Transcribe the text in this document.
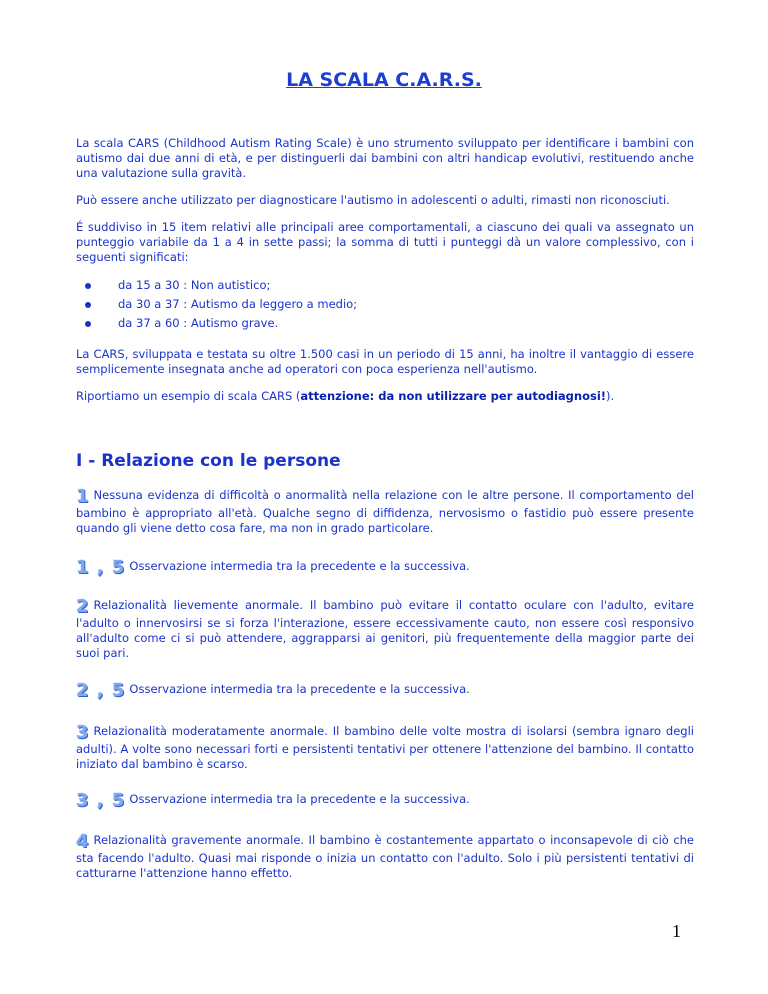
LA SCALA C.A.R.S.

La scala CARS (Childhood Autism Rating Scale) è uno strumento sviluppato per identificare i bambini con autismo dai due anni di età, e per distinguerli dai bambini con altri handicap evolutivi, restituendo anche una valutazione sulla gravità.

Può essere anche utilizzato per diagnosticare l'autismo in adolescenti o adulti, rimasti non riconosciuti.

É suddiviso in 15 item relativi alle principali aree comportamentali, a ciascuno dei quali va assegnato un punteggio variabile da 1 a 4 in sette passi; la somma di tutti i punteggi dà un valore complessivo, con i seguenti significati:

da 15 a 30 : Non autistico;
da 30 a 37 : Autismo da leggero a medio;
da 37 a 60 : Autismo grave.

La CARS, sviluppata e testata su oltre 1.500 casi in un periodo di 15 anni, ha inoltre il vantaggio di essere semplicemente insegnata anche ad operatori con poca esperienza nell'autismo.

Riportiamo un esempio di scala CARS (attenzione: da non utilizzare per autodiagnosi!).

I - Relazione con le persone

1 Nessuna evidenza di difficoltà o anormalità nella relazione con le altre persone. Il comportamento del bambino è appropriato all'età. Qualche segno di diffidenza, nervosismo o fastidio può essere presente quando gli viene detto cosa fare, ma non in grado particolare.

1 , 5 Osservazione intermedia tra la precedente e la successiva.

2 Relazionalità lievemente anormale. Il bambino può evitare il contatto oculare con l'adulto, evitare l'adulto o innervosirsi se si forza l'interazione, essere eccessivamente cauto, non essere così responsivo all'adulto come ci si può attendere, aggrapparsi ai genitori, più frequentemente della maggior parte dei suoi pari.

2 , 5 Osservazione intermedia tra la precedente e la successiva.

3 Relazionalità moderatamente anormale. Il bambino delle volte mostra di isolarsi (sembra ignaro degli adulti). A volte sono necessari forti e persistenti tentativi per ottenere l'attenzione del bambino. Il contatto iniziato dal bambino è scarso.

3 , 5 Osservazione intermedia tra la precedente e la successiva.

4 Relazionalità gravemente anormale. Il bambino è costantemente appartato o inconsapevole di ciò che sta facendo l'adulto. Quasi mai risponde o inizia un contatto con l'adulto. Solo i più persistenti tentativi di catturarne l'attenzione hanno effetto.

1
